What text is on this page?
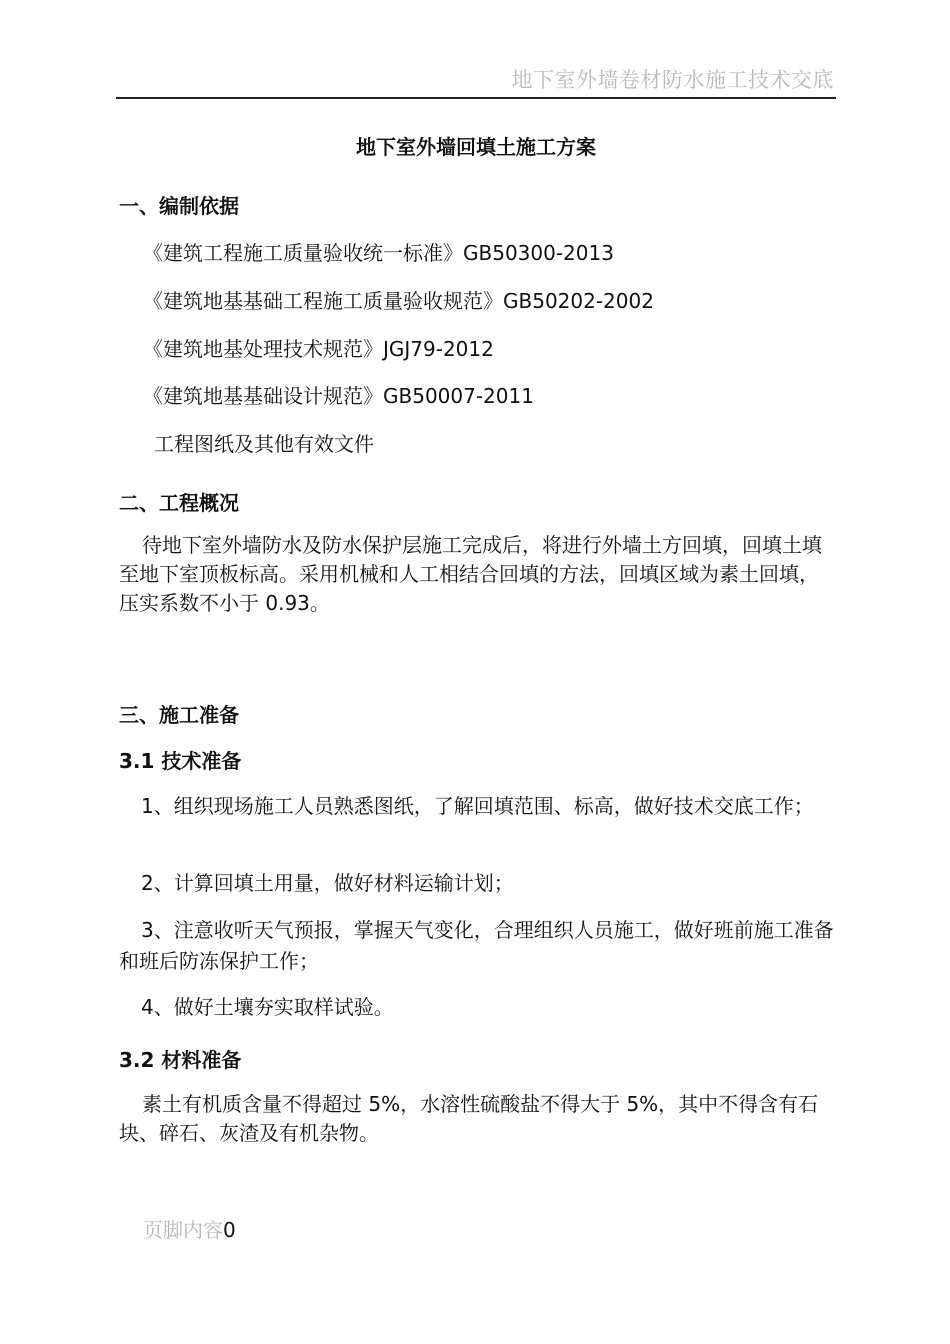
地下室外墙卷材防水施工技术交底
地下室外墙回填土施工方案
一、编制依据
《建筑工程施工质量验收统一标准》GB50300-2013
《建筑地基基础工程施工质量验收规范》GB50202-2002
《建筑地基处理技术规范》JGJ79-2012
《建筑地基基础设计规范》GB50007-2011
工程图纸及其他有效文件
二、工程概况
待地下室外墙防水及防水保护层施工完成后，将进行外墙土方回填，回填土填至地下室顶板标高。采用机械和人工相结合回填的方法，回填区域为素土回填，压实系数不小于 0.93。
三、施工准备
3.1 技术准备
1、组织现场施工人员熟悉图纸，了解回填范围、标高，做好技术交底工作；
2、计算回填土用量，做好材料运输计划；
3、注意收听天气预报，掌握天气变化，合理组织人员施工，做好班前施工准备和班后防冻保护工作；
4、做好土壤夯实取样试验。
3.2 材料准备
素土有机质含量不得超过 5%，水溶性硫酸盐不得大于 5%，其中不得含有石块、碎石、灰渣及有机杂物。
页脚内容0
